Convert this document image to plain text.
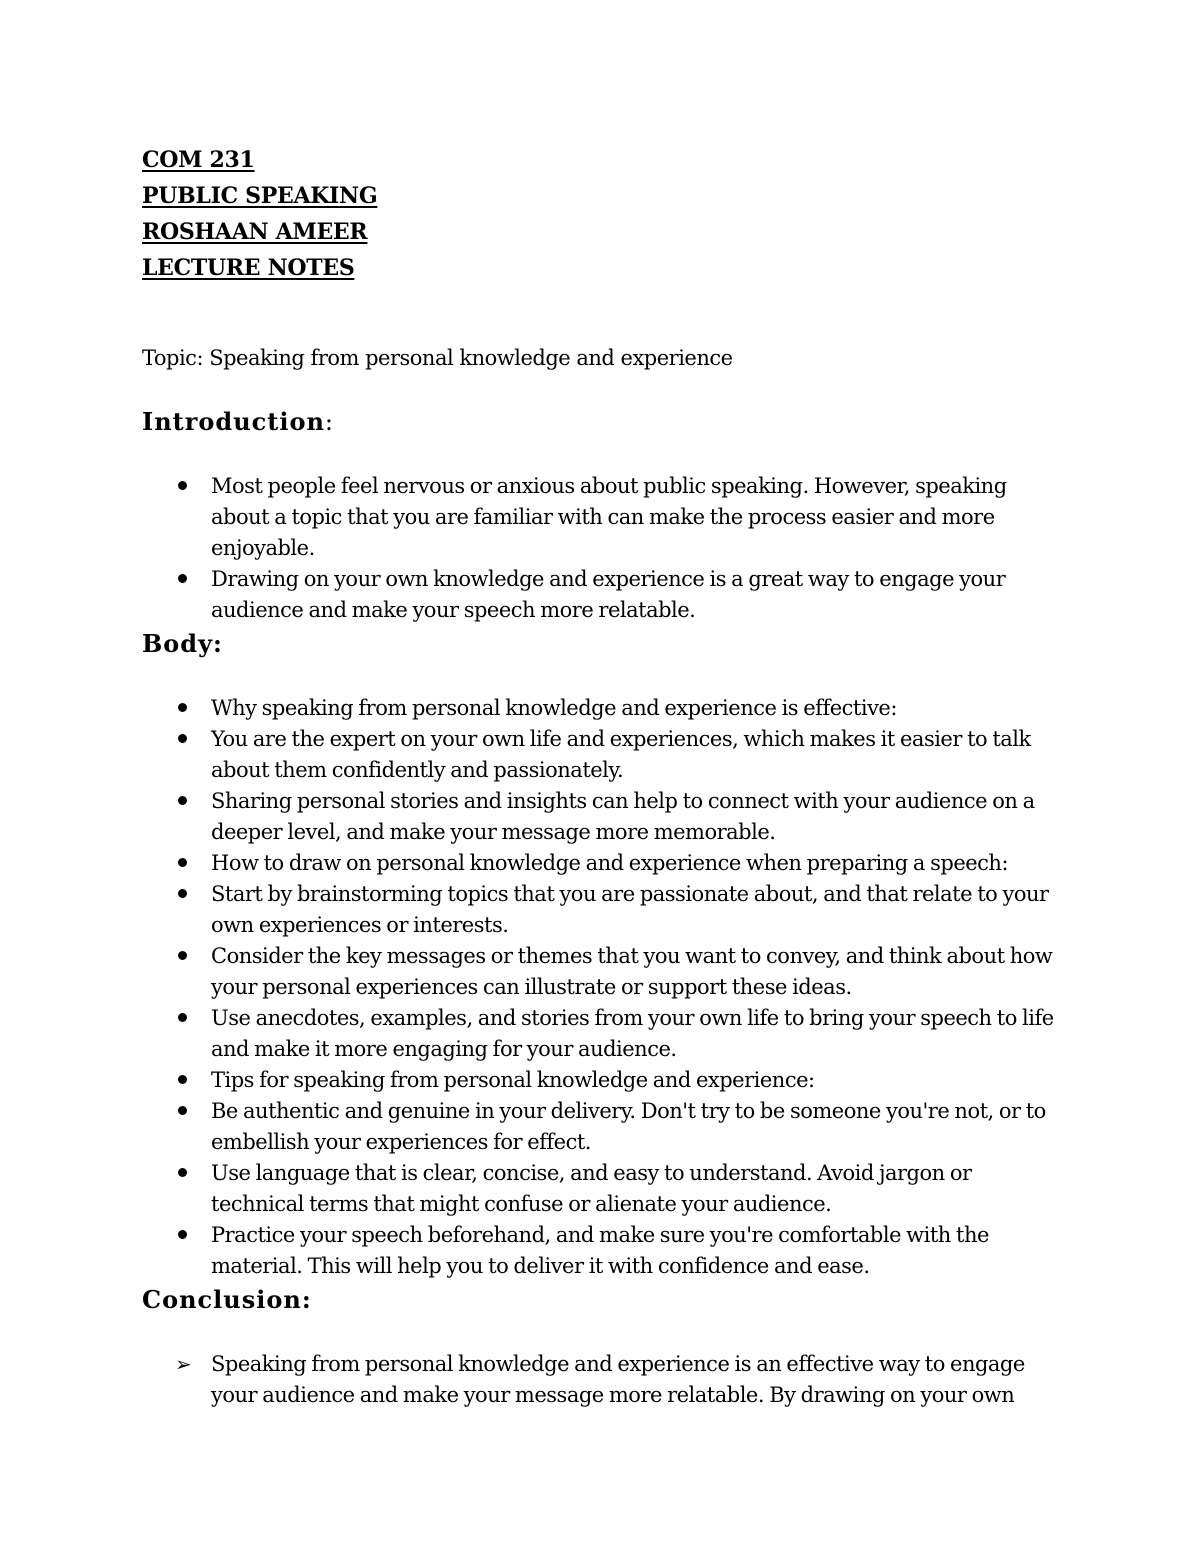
COM 231
PUBLIC SPEAKING
ROSHAAN AMEER
LECTURE NOTES
Topic: Speaking from personal knowledge and experience
Introduction:
Most people feel nervous or anxious about public speaking. However, speaking about a topic that you are familiar with can make the process easier and more enjoyable.
Drawing on your own knowledge and experience is a great way to engage your audience and make your speech more relatable.
Body:
Why speaking from personal knowledge and experience is effective:
You are the expert on your own life and experiences, which makes it easier to talk about them confidently and passionately.
Sharing personal stories and insights can help to connect with your audience on a deeper level, and make your message more memorable.
How to draw on personal knowledge and experience when preparing a speech:
Start by brainstorming topics that you are passionate about, and that relate to your own experiences or interests.
Consider the key messages or themes that you want to convey, and think about how your personal experiences can illustrate or support these ideas.
Use anecdotes, examples, and stories from your own life to bring your speech to life and make it more engaging for your audience.
Tips for speaking from personal knowledge and experience:
Be authentic and genuine in your delivery. Don't try to be someone you're not, or to embellish your experiences for effect.
Use language that is clear, concise, and easy to understand. Avoid jargon or technical terms that might confuse or alienate your audience.
Practice your speech beforehand, and make sure you're comfortable with the material. This will help you to deliver it with confidence and ease.
Conclusion:
➢ Speaking from personal knowledge and experience is an effective way to engage your audience and make your message more relatable. By drawing on your own
